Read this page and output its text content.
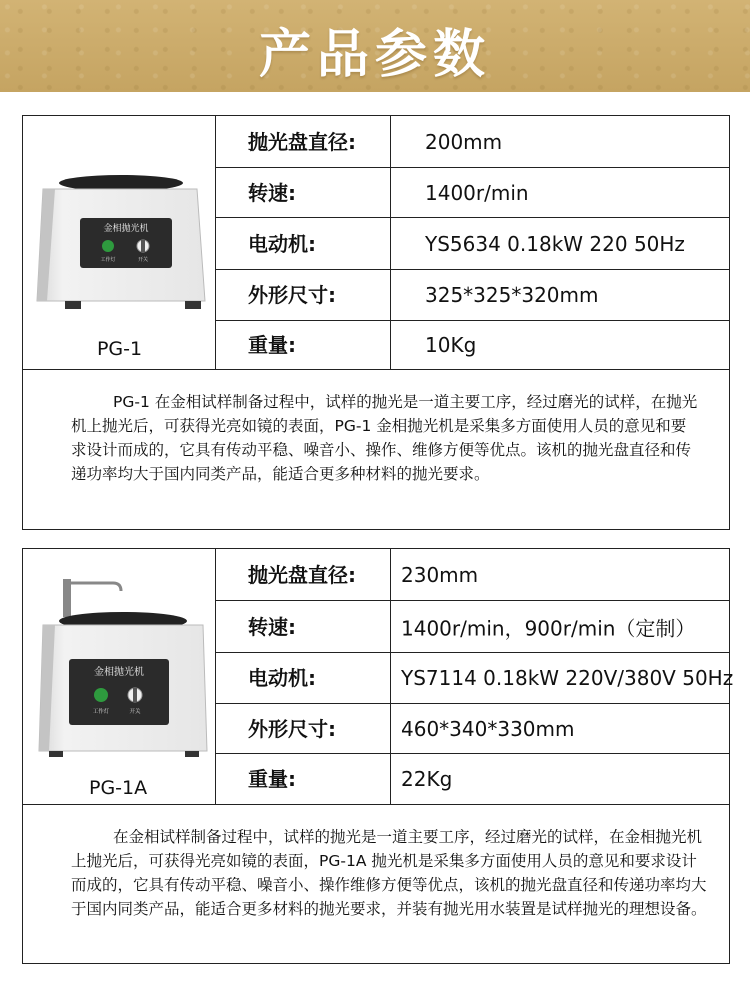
产品参数
金相抛光机
工作灯	开关
PG-1
抛光盘直径:	200mm
转速:	1400r/min
电动机:	YS5634 0.18kW 220 50Hz
外形尺寸:	325*325*320mm
重量:	10Kg

PG-1 在金相试样制备过程中，试样的抛光是一道主要工序，经过磨光的试样，在抛光机上抛光后，可获得光亮如镜的表面，PG-1 金相抛光机是采集多方面使用人员的意见和要求设计而成的，它具有传动平稳、噪音小、操作、维修方便等优点。该机的抛光盘直径和传递功率均大于国内同类产品，能适合更多种材料的抛光要求。

金相抛光机
工作灯	开关
PG-1A
抛光盘直径: 230mm
转速:	1400r/min，900r/min（定制）
电动机:	YS7114 0.18kW 220V/380V 50Hz
外形尺寸:	460*340*330mm
重量:	22Kg

在金相试样制备过程中，试样的抛光是一道主要工序，经过磨光的试样，在金相抛光机上抛光后，可获得光亮如镜的表面，PG-1A 抛光机是采集多方面使用人员的意见和要求设计而成的，它具有传动平稳、噪音小、操作维修方便等优点，该机的抛光盘直径和传递功率均大于国内同类产品，能适合更多材料的抛光要求，并装有抛光用水装置是试样抛光的理想设备。
